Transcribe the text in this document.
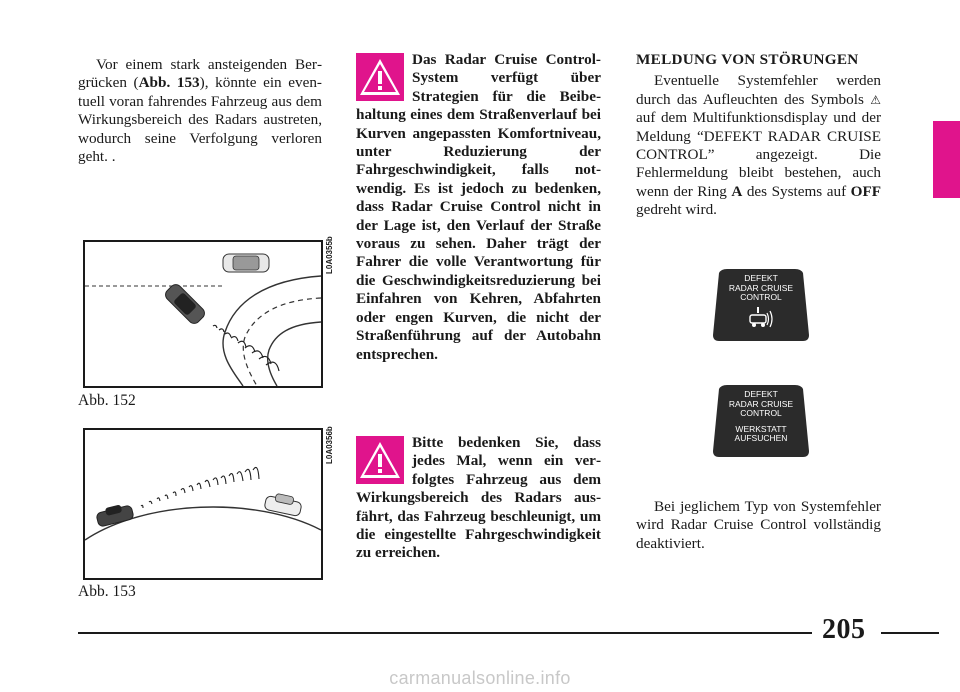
Vor einem stark ansteigenden Bergrücken (Abb. 153), könnte ein eventuell voran fahrendes Fahrzeug aus dem Wirkungsbereich des Radars austreten, wodurch seine Verfolgung verloren geht. .

L0A0355b
Abb. 152
L0A0356b
Abb. 153

Das Radar Cruise Control-System verfügt über Strategien für die Beibehaltung eines dem Straßenverlauf bei Kurven angepassten Komfortniveau, unter Reduzierung der Fahrgeschwindigkeit, falls notwendig. Es ist jedoch zu bedenken, dass Radar Cruise Control nicht in der Lage ist, den Verlauf der Straße voraus zu sehen. Daher trägt der Fahrer die volle Verantwortung für die Geschwindigkeitsreduzierung bei Einfahren von Kehren, Abfahrten oder engen Kurven, die nicht der Straßenführung auf der Autobahn entsprechen.

Bitte bedenken Sie, dass jedes Mal, wenn ein verfolgtes Fahrzeug aus dem Wirkungsbereich des Radars ausfährt, das Fahrzeug beschleunigt, um die eingestellte Fahrgeschwindigkeit zu erreichen.

MELDUNG VON STÖRUNGEN

Eventuelle Systemfehler werden durch das Aufleuchten des Symbols ⚠ auf dem Multifunktionsdisplay und der Meldung “DEFEKT RADAR CRUISE CONTROL” angezeigt. Die Fehlermeldung bleibt bestehen, auch wenn der Ring A des Systems auf OFF gedreht wird.

DEFEKT
RADAR CRUISE
CONTROL
DEFEKT
RADAR CRUISE
CONTROL
WERKSTATT
AUFSUCHEN

Bei jeglichem Typ von Systemfehler wird Radar Cruise Control vollständig deaktiviert.

205
carmanualsonline.info
